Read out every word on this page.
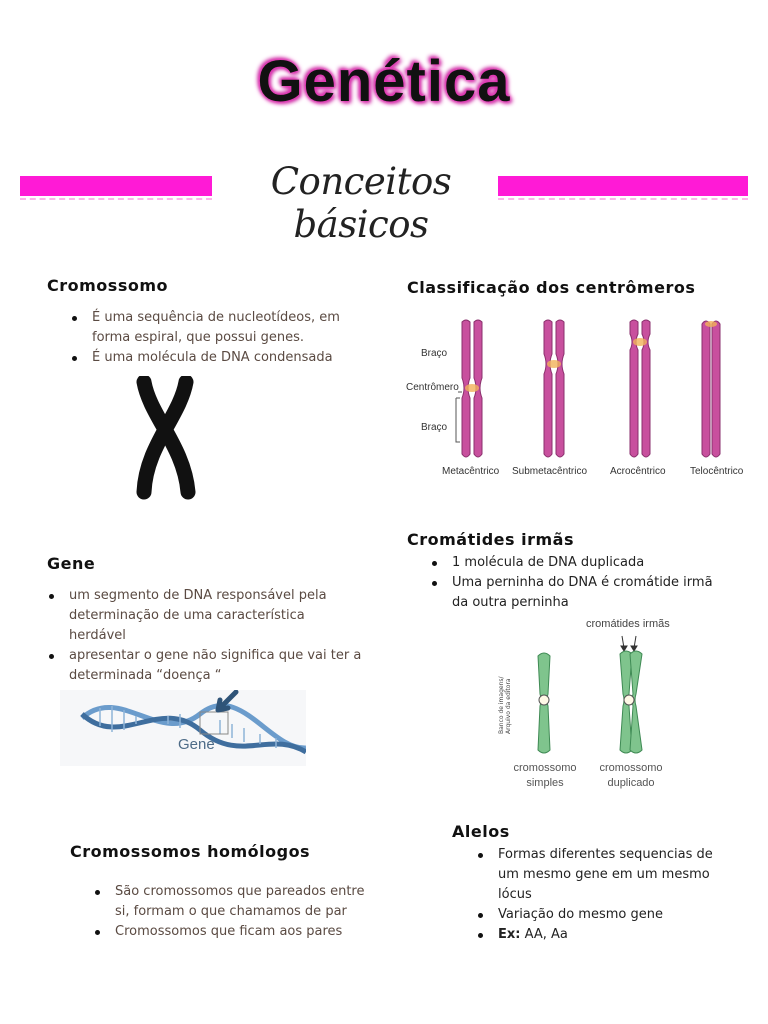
Genética
Conceitos básicos
Cromossomo
É uma sequência de nucleotídeos, em forma espiral, que possui genes.
É uma molécula de DNA condensada
Classificação dos centrômeros
Braço
Centrômero
Braço
Metacêntrico Submetacêntrico Acrocêntrico Telocêntrico
Gene
um segmento de DNA responsável pela determinação de uma característica herdável
apresentar o gene não significa que vai ter a determinada “doença “
Gene
Cromátides irmãs
1 molécula de DNA duplicada
Uma perninha do DNA é cromátide irmã da outra perninha
cromátides irmãs
Banco de imagens/ Arquivo da editora
cromossomo
simples
cromossomo
duplicado
Alelos
Formas diferentes sequencias de um mesmo gene em um mesmo lócus
Variação do mesmo gene
Ex: AA, Aa
Cromossomos homólogos
São cromossomos que pareados entre si, formam o que chamamos de par
Cromossomos que ficam aos pares
